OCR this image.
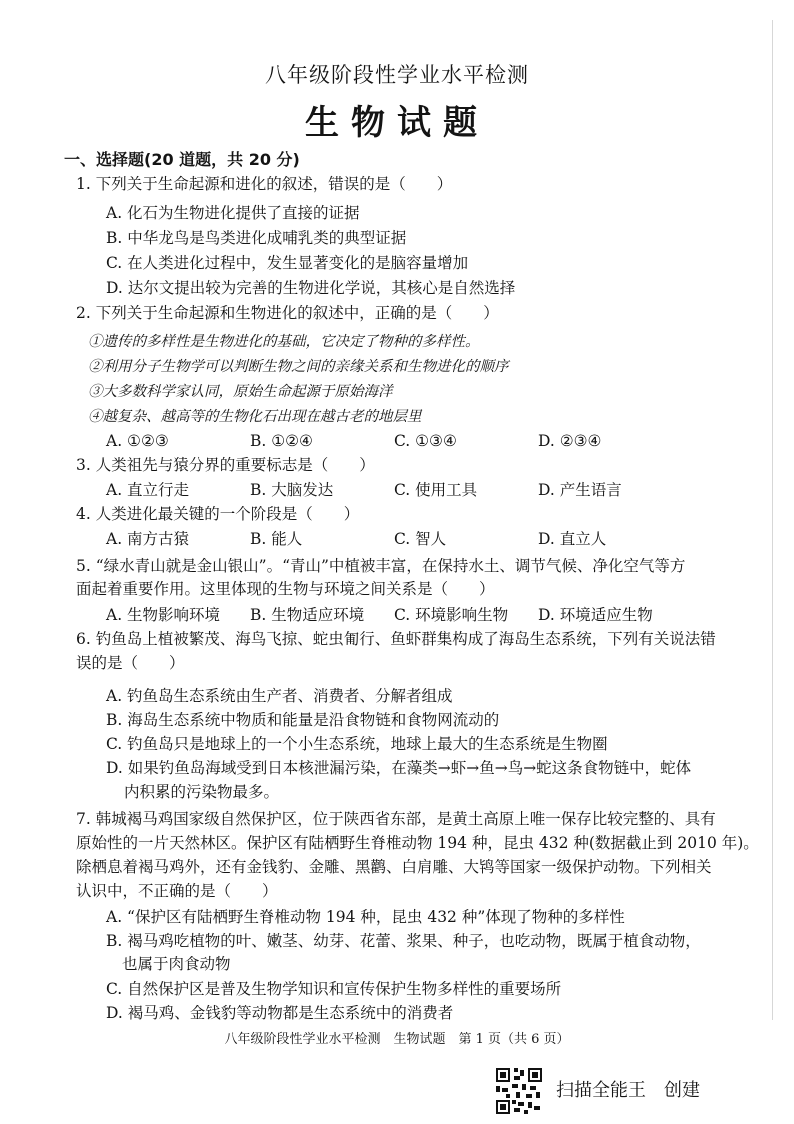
八年级阶段性学业水平检测
生物试题
一、选择题(20 道题，共 20 分)
1. 下列关于生命起源和进化的叙述，错误的是（　　）
A. 化石为生物进化提供了直接的证据
B. 中华龙鸟是鸟类进化成哺乳类的典型证据
C. 在人类进化过程中，发生显著变化的是脑容量增加
D. 达尔文提出较为完善的生物进化学说，其核心是自然选择
2. 下列关于生命起源和生物进化的叙述中，正确的是（　　）
①遗传的多样性是生物进化的基础，它决定了物种的多样性。
②利用分子生物学可以判断生物之间的亲缘关系和生物进化的顺序
③大多数科学家认同，原始生命起源于原始海洋
④越复杂、越高等的生物化石出现在越古老的地层里
A. ①②③	B. ①②④	C. ①③④	D. ②③④
3. 人类祖先与猿分界的重要标志是（　　）
A. 直立行走	B. 大脑发达	C. 使用工具	D. 产生语言
4. 人类进化最关键的一个阶段是（　　）
A. 南方古猿	B. 能人	C. 智人	D. 直立人
5. “绿水青山就是金山银山”。“青山”中植被丰富，在保持水土、调节气候、净化空气等方
面起着重要作用。这里体现的生物与环境之间关系是（　　）
A. 生物影响环境 B. 生物适应环境 C. 环境影响生物 D. 环境适应生物
6. 钓鱼岛上植被繁茂、海鸟飞掠、蛇虫匍行、鱼虾群集构成了海岛生态系统，下列有关说法错
误的是（　　）
A. 钓鱼岛生态系统由生产者、消费者、分解者组成
B. 海岛生态系统中物质和能量是沿食物链和食物网流动的
C. 钓鱼岛只是地球上的一个小生态系统，地球上最大的生态系统是生物圈
D. 如果钓鱼岛海域受到日本核泄漏污染，在藻类→虾→鱼→鸟→蛇这条食物链中，蛇体
内积累的污染物最多。
7. 韩城褐马鸡国家级自然保护区，位于陕西省东部，是黄土高原上唯一保存比较完整的、具有
原始性的一片天然林区。保护区有陆栖野生脊椎动物 194 种，昆虫 432 种(数据截止到 2010 年)。
除栖息着褐马鸡外，还有金钱豹、金雕、黑鹳、白肩雕、大鸨等国家一级保护动物。下列相关
认识中，不正确的是（　　）
A. “保护区有陆栖野生脊椎动物 194 种，昆虫 432 种”体现了物种的多样性
B. 褐马鸡吃植物的叶、嫩茎、幼芽、花蕾、浆果、种子，也吃动物，既属于植食动物，
也属于肉食动物
C. 自然保护区是普及生物学知识和宣传保护生物多样性的重要场所
D. 褐马鸡、金钱豹等动物都是生态系统中的消费者
八年级阶段性学业水平检测　生物试题　第 1 页（共 6 页）
扫描全能王　创建
